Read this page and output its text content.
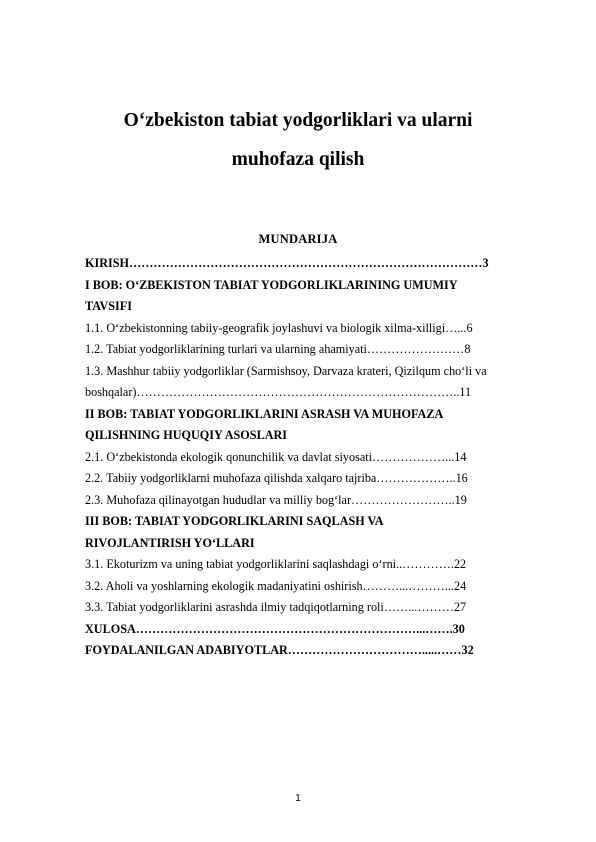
Oʻzbekiston tabiat yodgorliklari va ularni
muhofaza qilish
MUNDARIJA
KIRISH……………………………………………………………………………3
I BOB: OʻZBEKISTON TABIAT YODGORLIKLARINING UMUMIY
TAVSIFI
1.1. Oʻzbekistonning tabiiy-geografik joylashuvi va biologik xilma-xilligi…...6
1.2. Tabiat yodgorliklarining turlari va ularning ahamiyati……………………8
1.3. Mashhur tabiiy yodgorliklar (Sarmishsoy, Darvaza krateri, Qizilqum choʻli va
boshqalar)……………………………………………………………………..11
II BOB: TABIAT YODGORLIKLARINI ASRASH VA MUHOFAZA
QILISHNING HUQUQIY ASOSLARI
2.1. Oʻzbekistonda ekologik qonunchilik va davlat siyosati………………...14
2.2. Tabiiy yodgorliklarni muhofaza qilishda xalqaro tajriba………………..16
2.3. Muhofaza qilinayotgan hududlar va milliy bogʻlar……………………..19
III BOB: TABIAT YODGORLIKLARINI SAQLASH VA
RIVOJLANTIRISH YOʻLLARI
3.1. Ekoturizm va uning tabiat yodgorliklarini saqlashdagi oʻrni..………….22
3.2. Aholi va yoshlarning ekologik madaniyatini oshirish………...………...24
3.3. Tabiat yodgorliklarini asrashda ilmiy tadqiqotlarning roli……...………27
XULOSA……………………………………………………………...…….30
FOYDALANILGAN ADABIYOTLAR…………………………….....……32
1
